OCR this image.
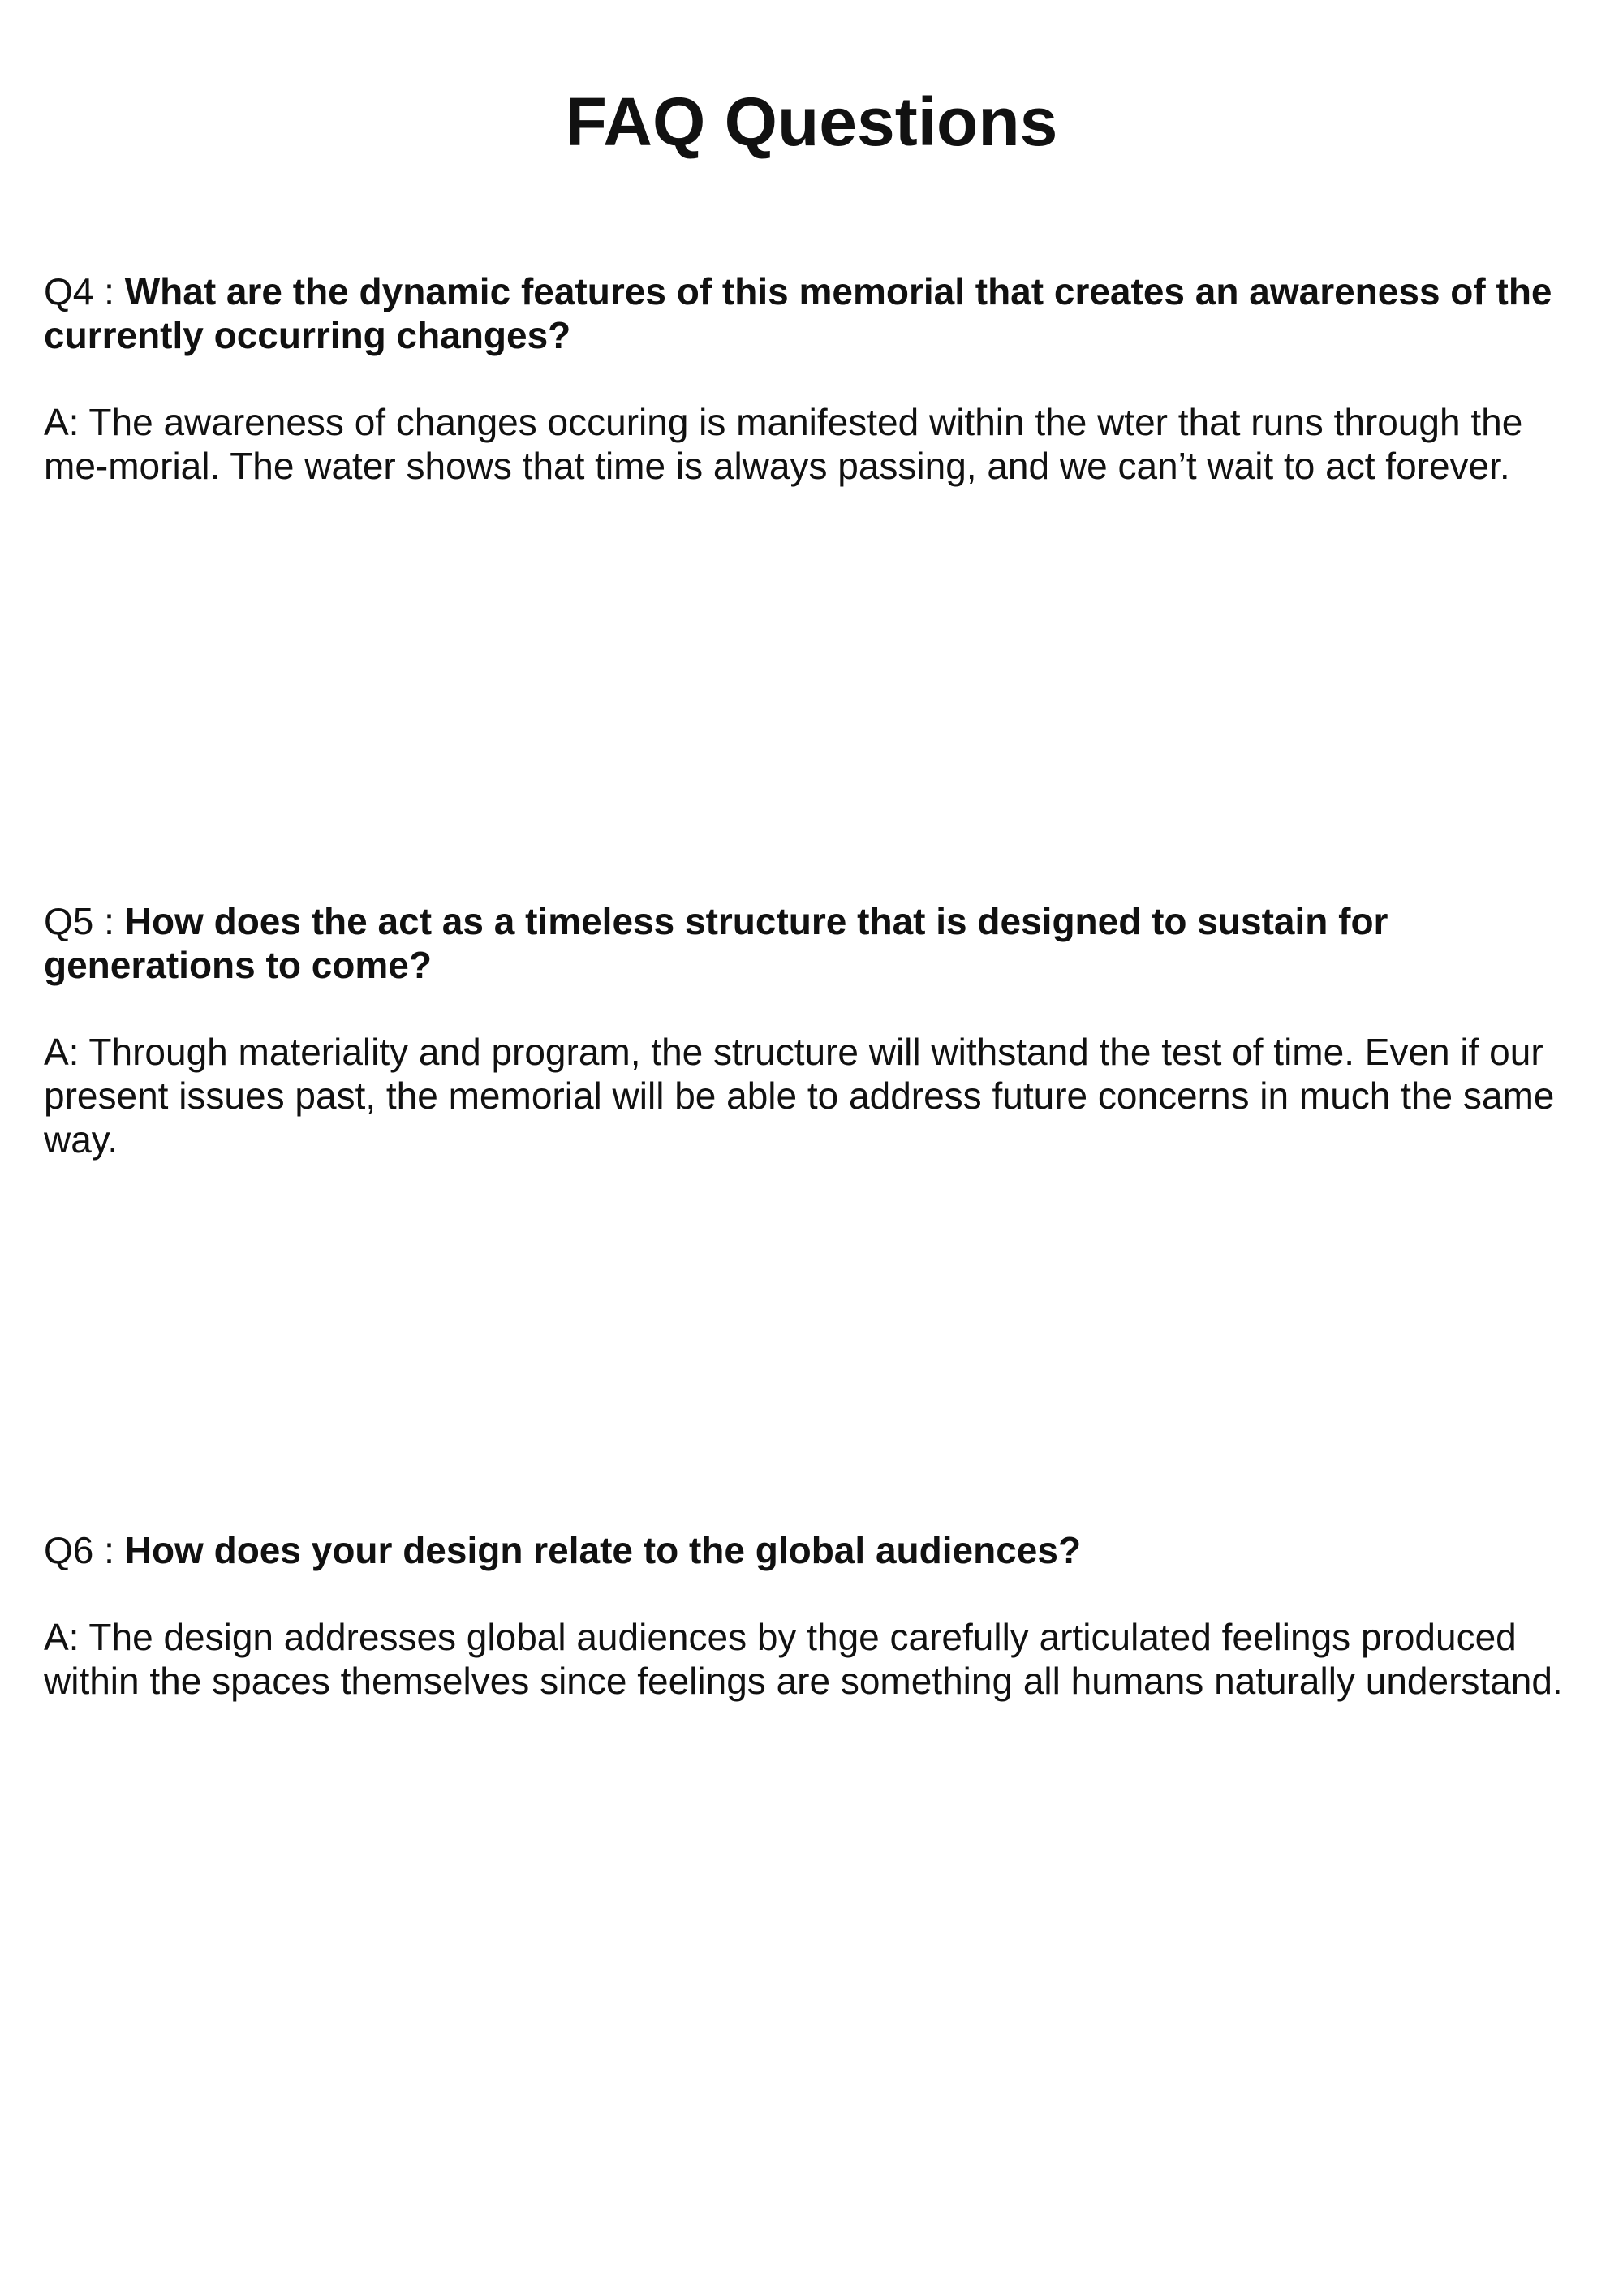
FAQ Questions

Q4 : What are the dynamic features of this memorial that creates an awareness of the currently occurring changes?

A: The awareness of changes occuring is manifested within the wter that runs through the me-morial. The water shows that time is always passing, and we can’t wait to act forever.

Q5 : How does the act as a timeless structure that is designed to sustain for generations to come?

A: Through materiality and program, the structure will withstand the test of time. Even if our present issues past, the memorial will be able to address future concerns in much the same way.

Q6 : How does your design relate to the global audiences?

A: The design addresses global audiences by thge carefully articulated feelings produced within the spaces themselves since feelings are something all humans naturally understand.
